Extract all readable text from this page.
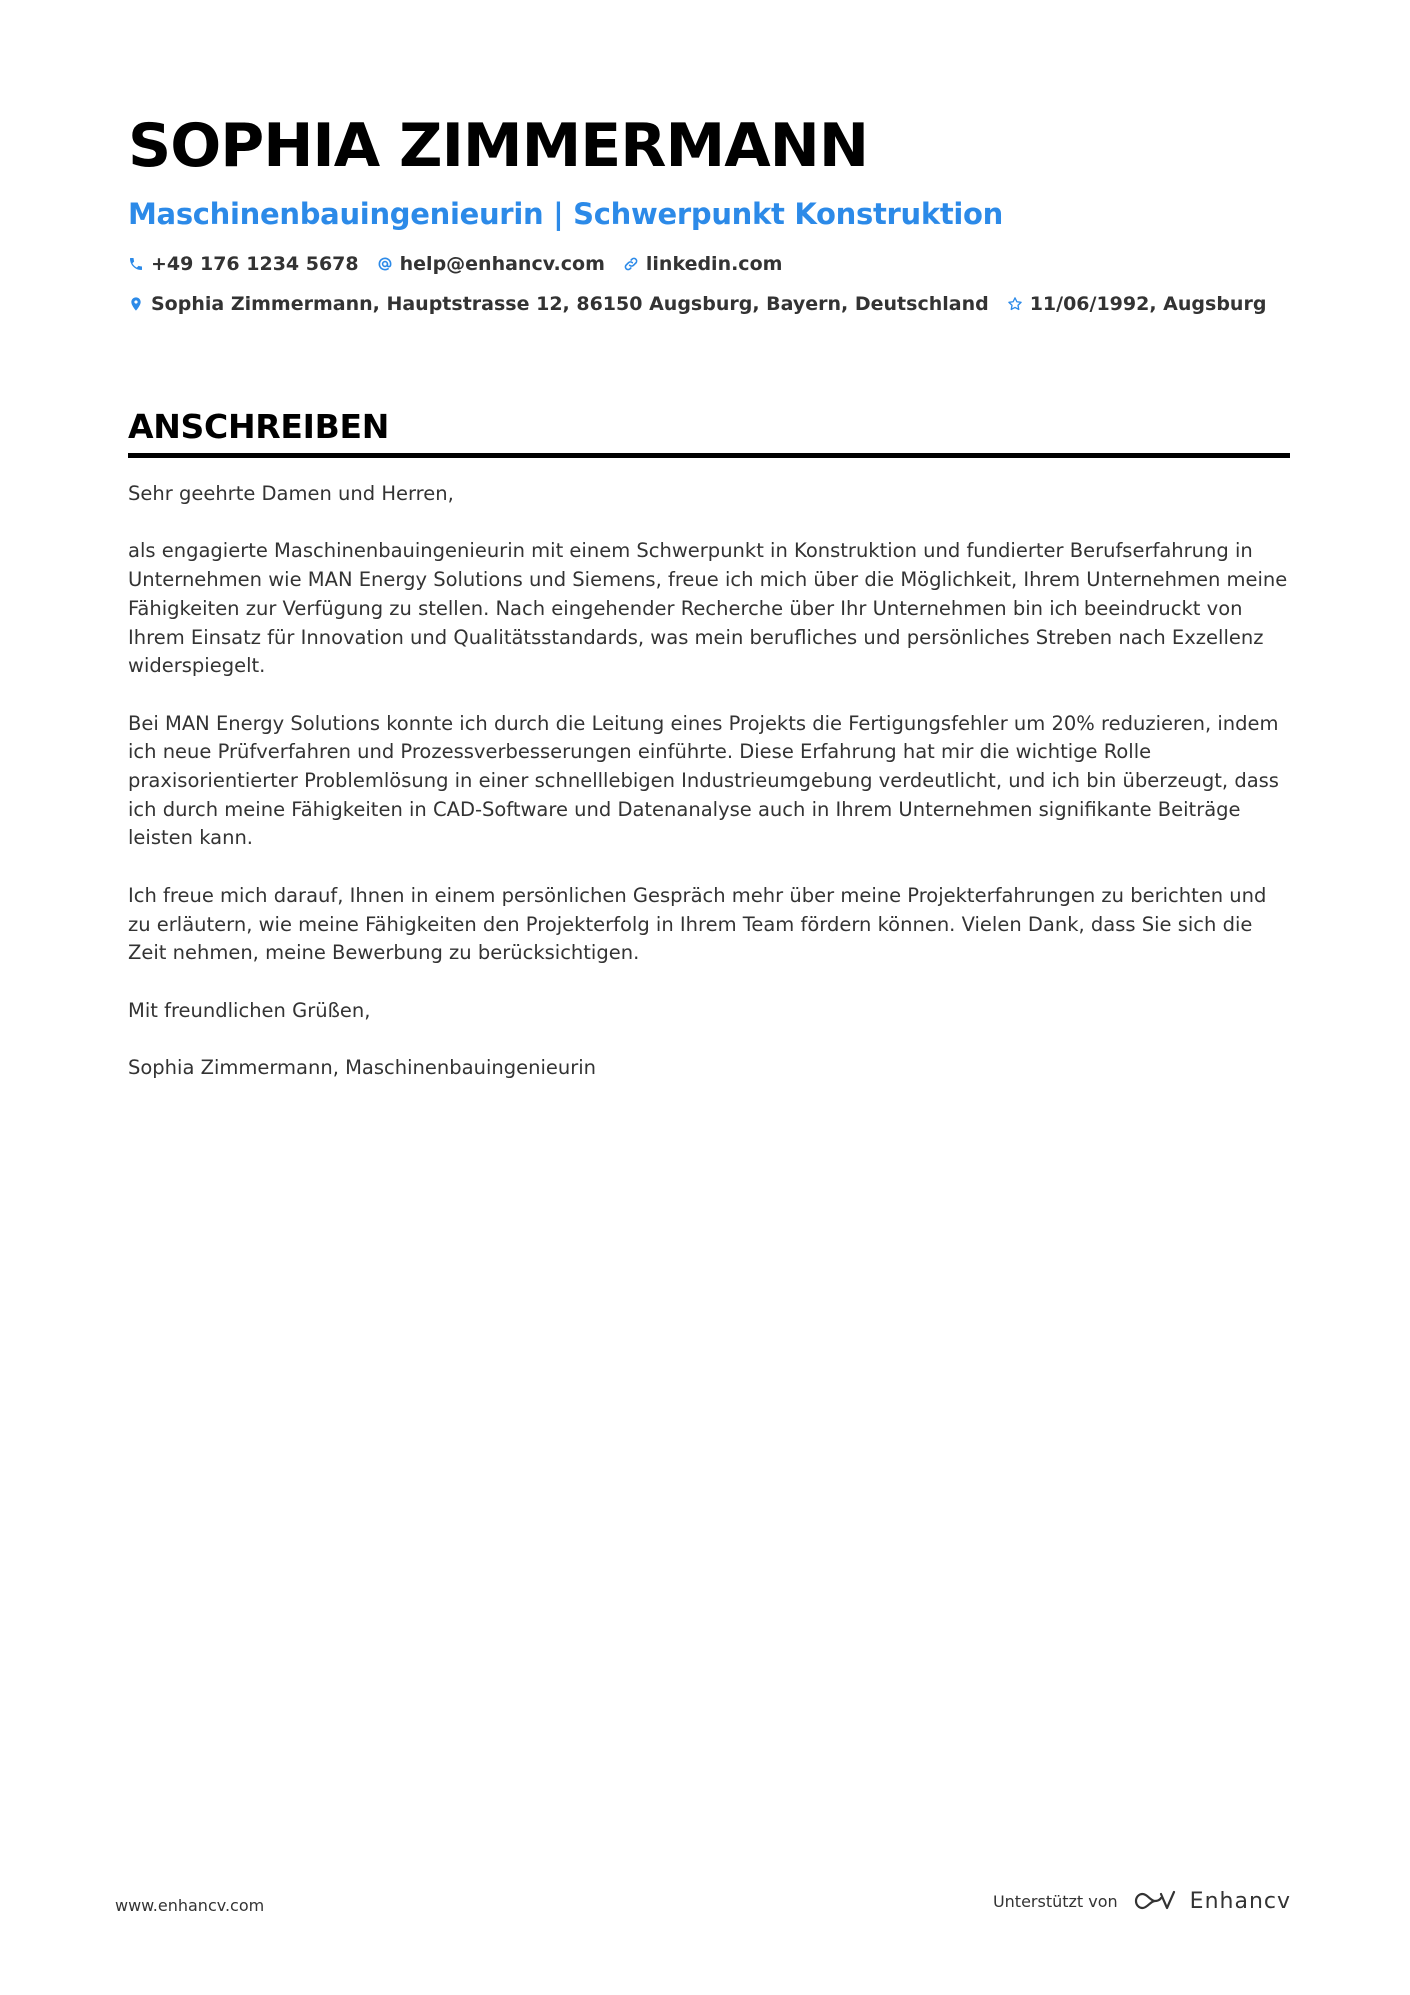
SOPHIA ZIMMERMANN
Maschinenbauingenieurin | Schwerpunkt Konstruktion
+49 176 1234 5678 help@enhancv.com linkedin.com
Sophia Zimmermann, Hauptstrasse 12, 86150 Augsburg, Bayern, Deutschland 11/06/1992, Augsburg
ANSCHREIBEN

Sehr geehrte Damen und Herren,

als engagierte Maschinenbauingenieurin mit einem Schwerpunkt in Konstruktion und fundierter Berufserfahrung in Unternehmen wie MAN Energy Solutions und Siemens, freue ich mich über die Möglichkeit, Ihrem Unternehmen meine Fähigkeiten zur Verfügung zu stellen. Nach eingehender Recherche über Ihr Unternehmen bin ich beeindruckt von Ihrem Einsatz für Innovation und Qualitätsstandards, was mein berufliches und persönliches Streben nach Exzellenz widerspiegelt.

Bei MAN Energy Solutions konnte ich durch die Leitung eines Projekts die Fertigungsfehler um 20% reduzieren, indem ich neue Prüfverfahren und Prozessverbesserungen einführte. Diese Erfahrung hat mir die wichtige Rolle praxisorientierter Problemlösung in einer schnelllebigen Industrieumgebung verdeutlicht, und ich bin überzeugt, dass ich durch meine Fähigkeiten in CAD-Software und Datenanalyse auch in Ihrem Unternehmen signifikante Beiträge leisten kann.

Ich freue mich darauf, Ihnen in einem persönlichen Gespräch mehr über meine Projekterfahrungen zu berichten und zu erläutern, wie meine Fähigkeiten den Projekterfolg in Ihrem Team fördern können. Vielen Dank, dass Sie sich die Zeit nehmen, meine Bewerbung zu berücksichtigen.

Mit freundlichen Grüßen,

Sophia Zimmermann, Maschinenbauingenieurin

www.enhancv.com	Unterstützt von	Enhancv
